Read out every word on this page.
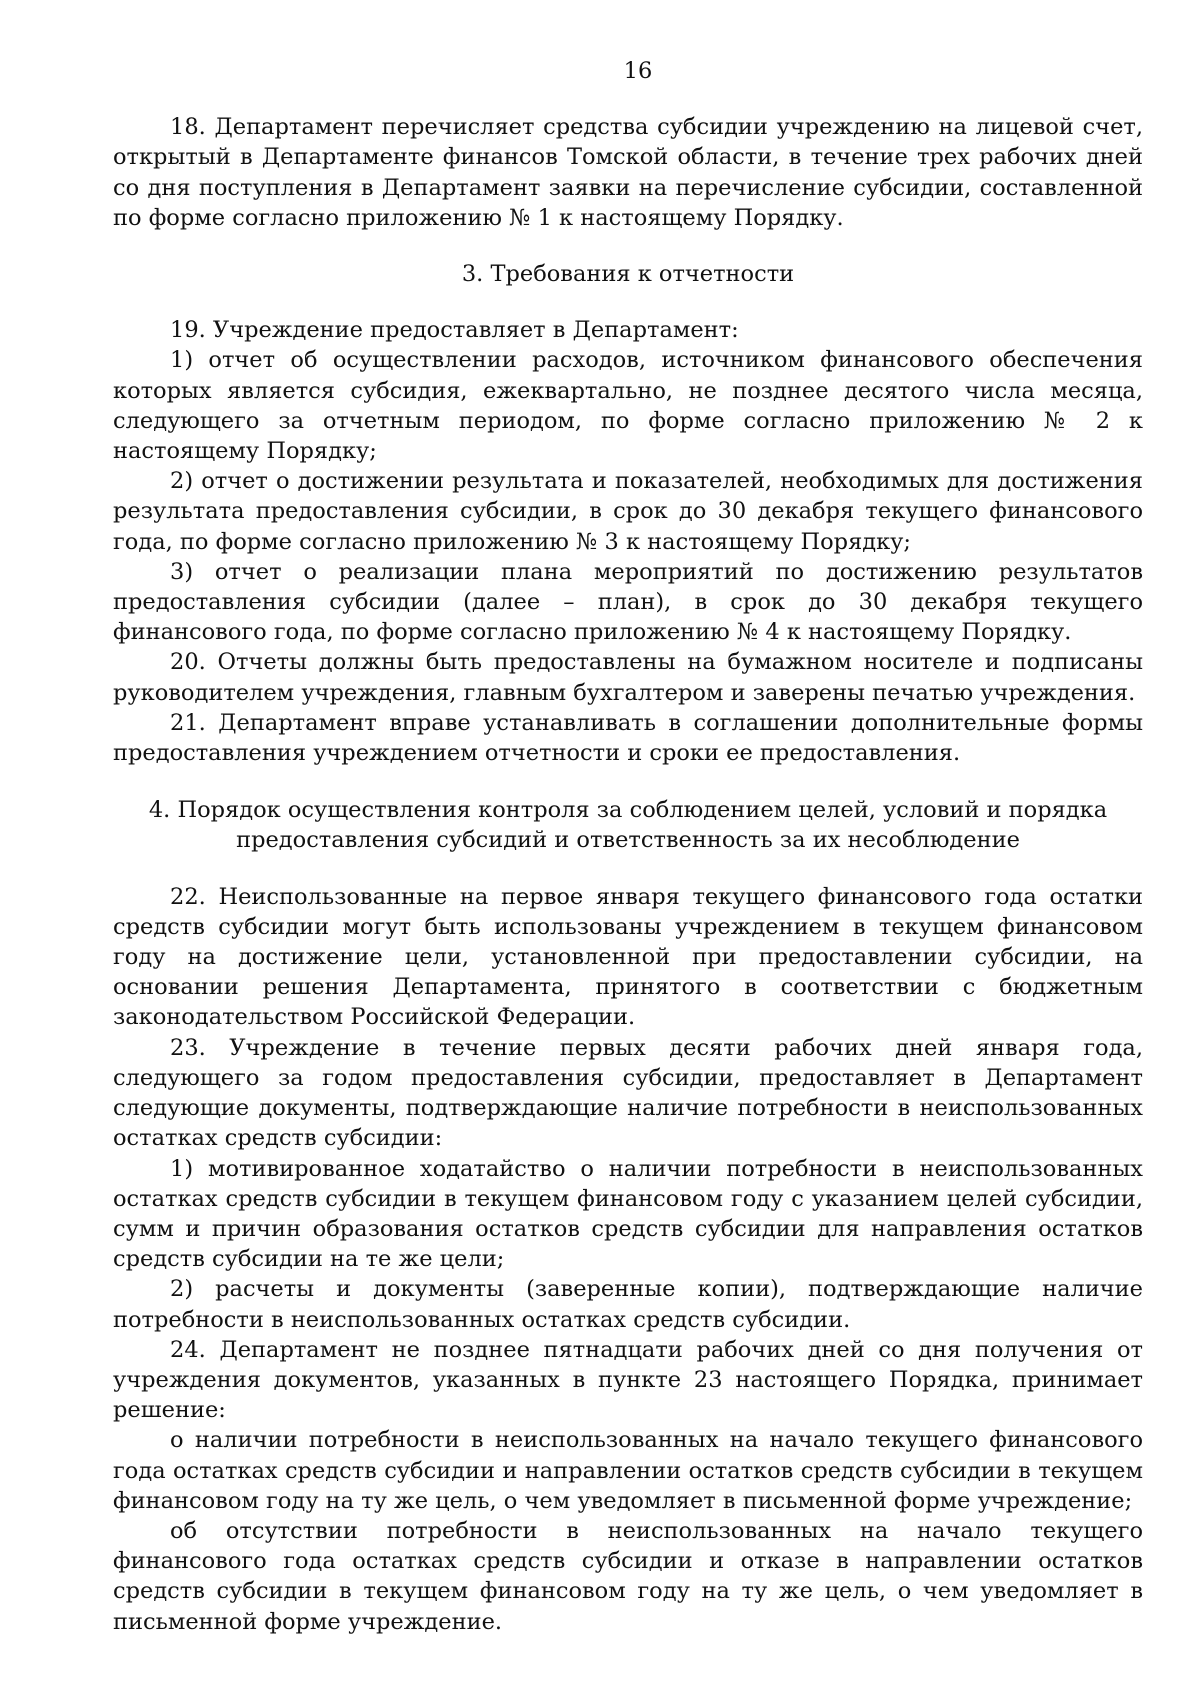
16

18. Департамент перечисляет средства субсидии учреждению на лицевой счет, открытый в Департаменте финансов Томской области, в течение трех рабочих дней со дня поступления в Департамент заявки на перечисление субсидии, составленной по форме согласно приложению № 1 к настоящему Порядку.

3. Требования к отчетности

19. Учреждение предоставляет в Департамент:

1) отчет об осуществлении расходов, источником финансового обеспечения которых является субсидия, ежеквартально, не позднее десятого числа месяца, следующего за отчетным периодом, по форме согласно приложению № 2 к настоящему Порядку;

2) отчет о достижении результата и показателей, необходимых для достижения результата предоставления субсидии, в срок до 30 декабря текущего финансового года, по форме согласно приложению № 3 к настоящему Порядку;

3) отчет о реализации плана мероприятий по достижению результатов предоставления субсидии (далее – план), в срок до 30 декабря текущего финансового года, по форме согласно приложению № 4 к настоящему Порядку.

20. Отчеты должны быть предоставлены на бумажном носителе и подписаны руководителем учреждения, главным бухгалтером и заверены печатью учреждения.

21. Департамент вправе устанавливать в соглашении дополнительные формы предоставления учреждением отчетности и сроки ее предоставления.

4. Порядок осуществления контроля за соблюдением целей, условий и порядка
предоставления субсидий и ответственность за их несоблюдение

22. Неиспользованные на первое января текущего финансового года остатки средств субсидии могут быть использованы учреждением в текущем финансовом году на достижение цели, установленной при предоставлении субсидии, на основании решения Департамента, принятого в соответствии с бюджетным законодательством Российской Федерации.

23. Учреждение в течение первых десяти рабочих дней января года, следующего за годом предоставления субсидии, предоставляет в Департамент следующие документы, подтверждающие наличие потребности в неиспользованных остатках средств субсидии:

1) мотивированное ходатайство о наличии потребности в неиспользованных остатках средств субсидии в текущем финансовом году с указанием целей субсидии, сумм и причин образования остатков средств субсидии для направления остатков средств субсидии на те же цели;

2) расчеты и документы (заверенные копии), подтверждающие наличие потребности в неиспользованных остатках средств субсидии.

24. Департамент не позднее пятнадцати рабочих дней со дня получения от учреждения документов, указанных в пункте 23 настоящего Порядка, принимает решение:

о наличии потребности в неиспользованных на начало текущего финансового года остатках средств субсидии и направлении остатков средств субсидии в текущем финансовом году на ту же цель, о чем уведомляет в письменной форме учреждение;

об отсутствии потребности в неиспользованных на начало текущего финансового года остатках средств субсидии и отказе в направлении остатков средств субсидии в текущем финансовом году на ту же цель, о чем уведомляет в письменной форме учреждение.
